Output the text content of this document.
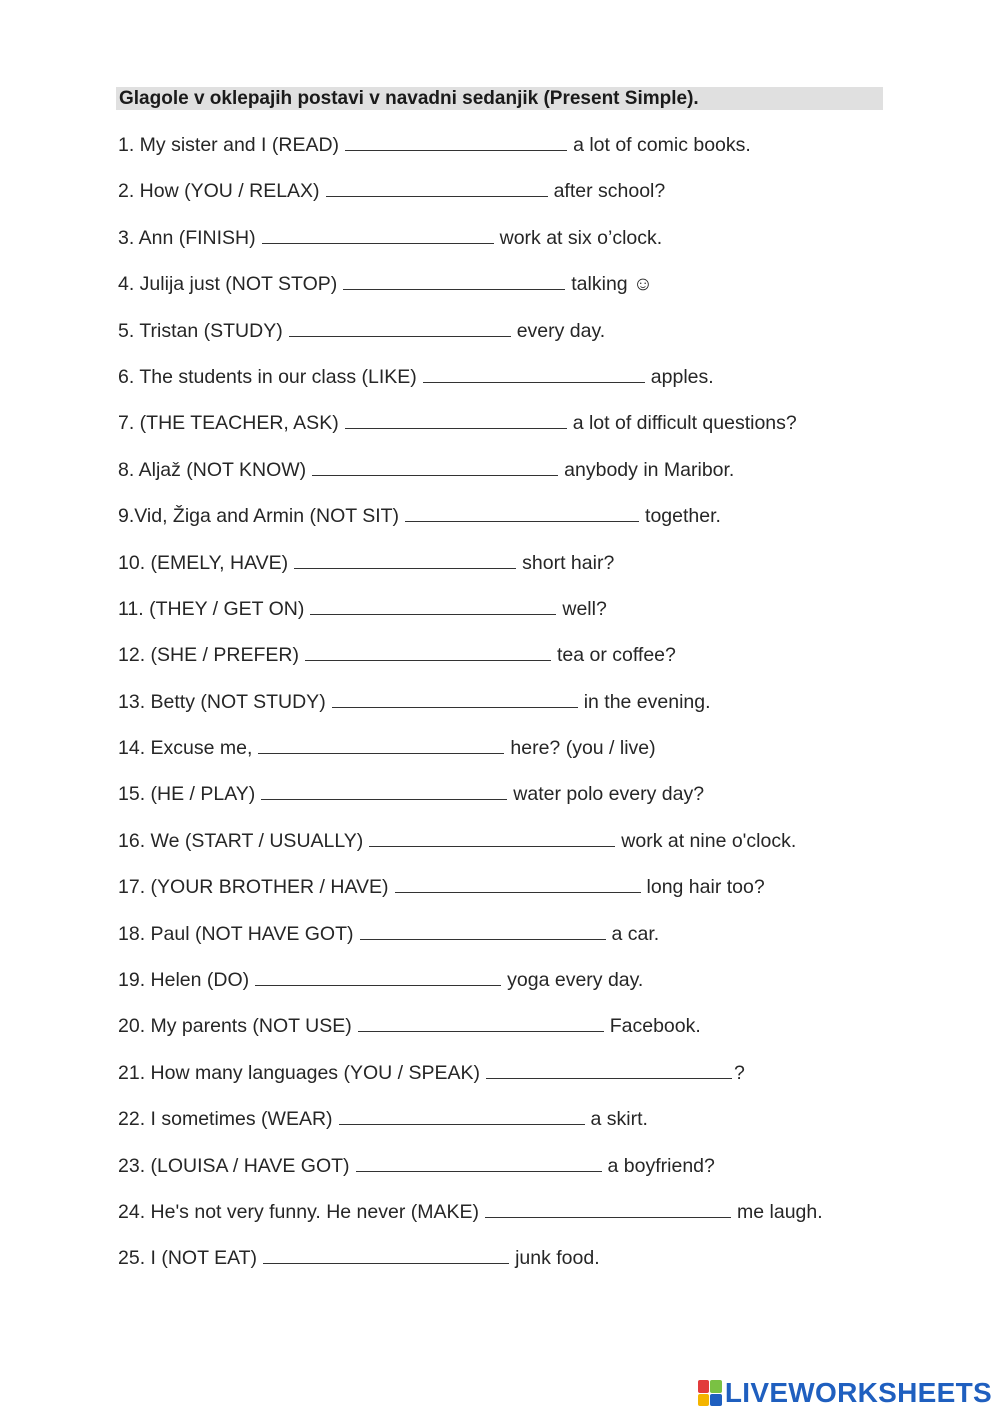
Glagole v oklepajih postavi v navadni sedanjik (Present Simple).
1. My sister and I (READ)	a lot of comic books.
2. How (YOU / RELAX)	after school?
3. Ann (FINISH)	work at six o’clock.
4. Julija just (NOT STOP)	talking ☺
5. Tristan (STUDY)	every day.
6. The students in our class (LIKE)	apples.
7. (THE TEACHER, ASK)	a lot of difficult questions?
8. Aljaž (NOT KNOW)	anybody in Maribor.
9.Vid, Žiga and Armin (NOT SIT)	together.
10. (EMELY, HAVE)	short hair?
11. (THEY / GET ON)	well?
12. (SHE / PREFER)	tea or coffee?
13. Betty (NOT STUDY)	in the evening.
14. Excuse me,	here? (you / live)
15. (HE / PLAY)	water polo every day?
16. We (START / USUALLY)	work at nine o'clock.
17. (YOUR BROTHER / HAVE)	long hair too?
18. Paul (NOT HAVE GOT)	a car.
19. Helen (DO)	yoga every day.
20. My parents (NOT USE)	Facebook.
21. How many languages (YOU / SPEAK)	?
22. I sometimes (WEAR)	a skirt.
23. (LOUISA / HAVE GOT)	a boyfriend?
24. He's not very funny. He never (MAKE)	me laugh.
25. I (NOT EAT)	junk food.
LIVEWORKSHEETS
